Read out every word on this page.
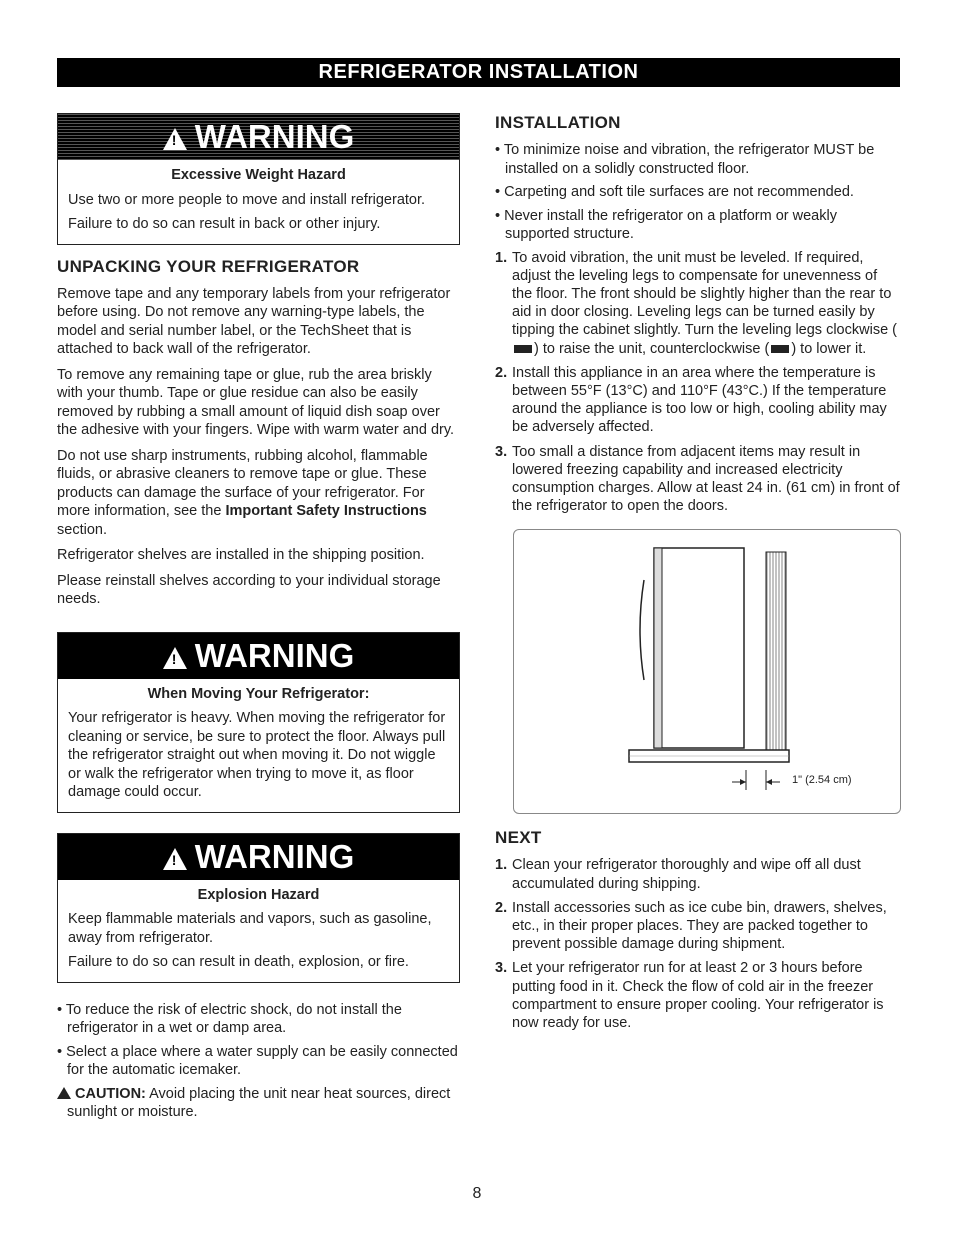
REFRIGERATOR INSTALLATION
!WARNING
Excessive Weight Hazard

Use two or more people to move and install refrigerator.

Failure to do so can result in back or other injury.

UNPACKING YOUR REFRIGERATOR

Remove tape and any temporary labels from your refrigerator before using. Do not remove any warning-type labels, the model and serial number label, or the TechSheet that is attached to back wall of the refrigerator.

To remove any remaining tape or glue, rub the area briskly with your thumb. Tape or glue residue can also be easily removed by rubbing a small amount of liquid dish soap over the adhesive with your fingers. Wipe with warm water and dry.

Do not use sharp instruments, rubbing alcohol, flammable fluids, or abrasive cleaners to remove tape or glue. These products can damage the surface of your refrigerator. For more information, see the Important Safety Instructions section.

Refrigerator shelves are installed in the shipping position.

Please reinstall shelves according to your individual storage needs.

!WARNING
When Moving Your Refrigerator:

Your refrigerator is heavy. When moving the refrigerator for cleaning or service, be sure to protect the floor. Always pull the refrigerator straight out when moving it. Do not wiggle or walk the refrigerator when trying to move it, as floor damage could occur.

!WARNING
Explosion Hazard

Keep flammable materials and vapors, such as gasoline, away from refrigerator.

Failure to do so can result in death, explosion, or fire.

• To reduce the risk of electric shock, do not install the refrigerator in a wet or damp area.

• Select a place where a water supply can be easily connected for the automatic icemaker.

CAUTION: Avoid placing the unit near heat sources, direct sunlight or moisture.

INSTALLATION

• To minimize noise and vibration, the refrigerator MUST be installed on a solidly constructed floor.

• Carpeting and soft tile surfaces are not recommended.

• Never install the refrigerator on a platform or weakly supported structure.

1. To avoid vibration, the unit must be leveled. If required, adjust the leveling legs to compensate for unevenness of the floor. The front should be slightly higher than the rear to aid in door closing. Leveling legs can be turned easily by tipping the cabinet slightly. Turn the leveling legs clockwise () to raise the unit, counterclockwise ( ) to lower it.
2. Install this appliance in an area where the temperature is between 55°F (13°C) and 110°F (43°C.) If the temperature around the appliance is too low or high, cooling ability may be adversely affected.
3. Too small a distance from adjacent items may result in lowered freezing capability and increased electricity consumption charges. Allow at least 24 in. (61 cm) in front of the refrigerator to open the doors.
1" (2.54 cm)
NEXT
1. Clean your refrigerator thoroughly and wipe off all dust accumulated during shipping.
2. Install accessories such as ice cube bin, drawers, shelves, etc., in their proper places. They are packed together to prevent possible damage during shipment.
3. Let your refrigerator run for at least 2 or 3 hours before putting food in it. Check the flow of cold air in the freezer compartment to ensure proper cooling. Your refrigerator is now ready for use.
8
